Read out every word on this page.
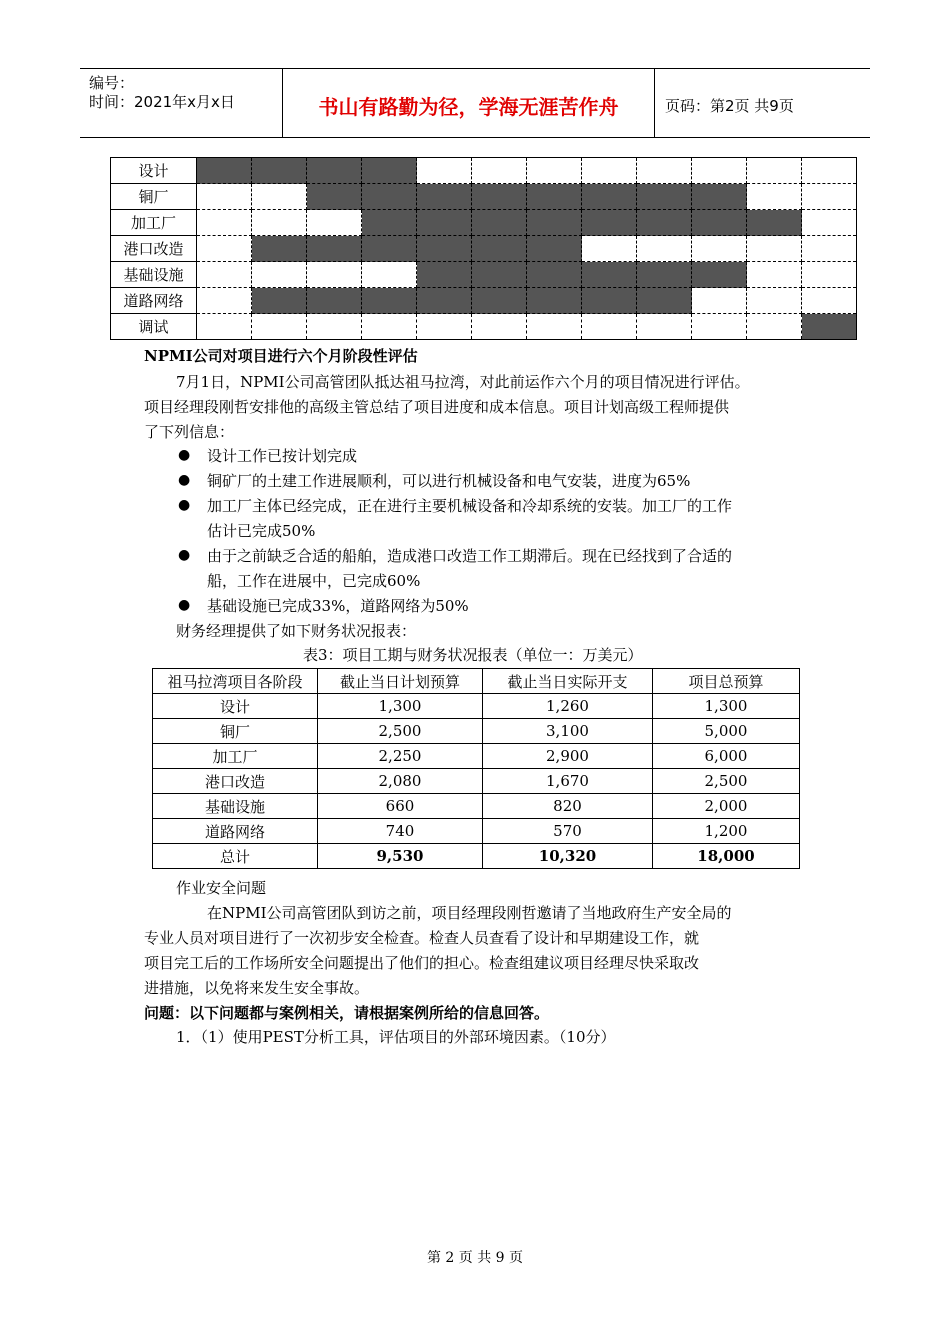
编号：
时间：2021年x月x日	书山有路勤为径，学海无涯苦作舟	页码：第2页 共9页
设计												
铜厂												
加工厂												
港口改造												
基础设施												
道路网络												
调试												
NPMI公司对项目进行六个月阶段性评估
7月1日，NPMI公司高管团队抵达祖马拉湾，对此前运作六个月的项目情况进行评估。
项目经理段刚哲安排他的高级主管总结了项目进度和成本信息。项目计划高级工程师提供
了下列信息：
● 设计工作已按计划完成
● 铜矿厂的土建工作进展顺利，可以进行机械设备和电气安装，进度为65%
● 加工厂主体已经完成，正在进行主要机械设备和冷却系统的安装。加工厂的工作
估计已完成50%
● 由于之前缺乏合适的船舶，造成港口改造工作工期滞后。现在已经找到了合适的
船，工作在进展中，已完成60%
● 基础设施已完成33%，道路网络为50%
财务经理提供了如下财务状况报表：
表3：项目工期与财务状况报表（单位一：万美元）
祖马拉湾项目各阶段	截止当日计划预算	截止当日实际开支	项目总预算
设计	1,300	1,260	1,300
铜厂	2,500	3,100	5,000
加工厂	2,250	2,900	6,000
港口改造	2,080	1,670	2,500
基础设施	660	820	2,000
道路网络	740	570	1,200
总计	9,530	10,320	18,000
作业安全问题
在NPMI公司高管团队到访之前，项目经理段刚哲邀请了当地政府生产安全局的
专业人员对项目进行了一次初步安全检查。检查人员查看了设计和早期建设工作，就
项目完工后的工作场所安全问题提出了他们的担心。检查组建议项目经理尽快采取改
进措施，以免将来发生安全事故。
问题：以下问题都与案例相关，请根据案例所给的信息回答。
1．（1）使用PEST分析工具，评估项目的外部环境因素。（10分）
第 2 页 共 9 页
